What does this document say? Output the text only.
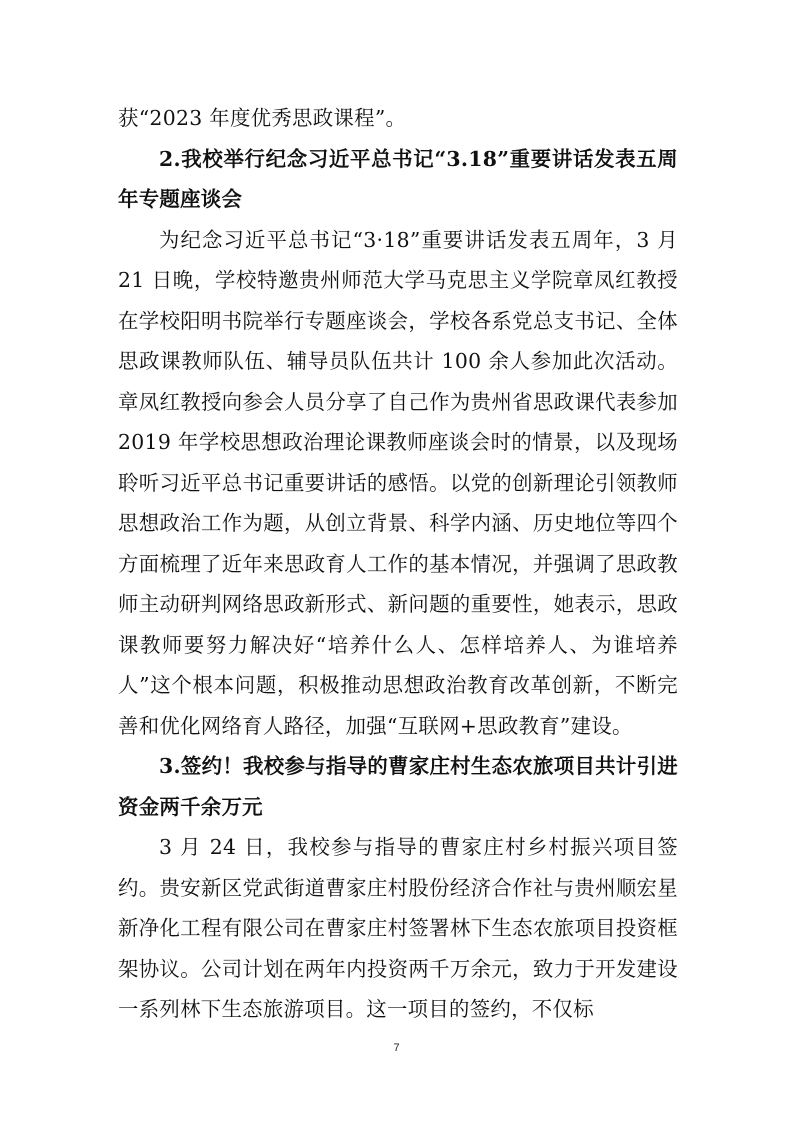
获“2023 年度优秀思政课程”。

2.我校举行纪念习近平总书记“3.18”重要讲话发表五周年专题座谈会

为纪念习近平总书记“3·18”重要讲话发表五周年，3 月 21 日晚，学校特邀贵州师范大学马克思主义学院章凤红教授在学校阳明书院举行专题座谈会，学校各系党总支书记、全体思政课教师队伍、辅导员队伍共计 100 余人参加此次活动。章凤红教授向参会人员分享了自己作为贵州省思政课代表参加 2019 年学校思想政治理论课教师座谈会时的情景，以及现场聆听习近平总书记重要讲话的感悟。以党的创新理论引领教师思想政治工作为题，从创立背景、科学内涵、历史地位等四个方面梳理了近年来思政育人工作的基本情况，并强调了思政教师主动研判网络思政新形式、新问题的重要性，她表示，思政课教师要努力解决好“培养什么人、怎样培养人、为谁培养人”这个根本问题，积极推动思想政治教育改革创新，不断完善和优化网络育人路径，加强“互联网+思政教育”建设。

3.签约！我校参与指导的曹家庄村生态农旅项目共计引进资金两千余万元

3 月 24 日，我校参与指导的曹家庄村乡村振兴项目签约。贵安新区党武街道曹家庄村股份经济合作社与贵州顺宏星新净化工程有限公司在曹家庄村签署林下生态农旅项目投资框架协议。公司计划在两年内投资两千万余元，致力于开发建设一系列林下生态旅游项目。这一项目的签约，不仅标

7
